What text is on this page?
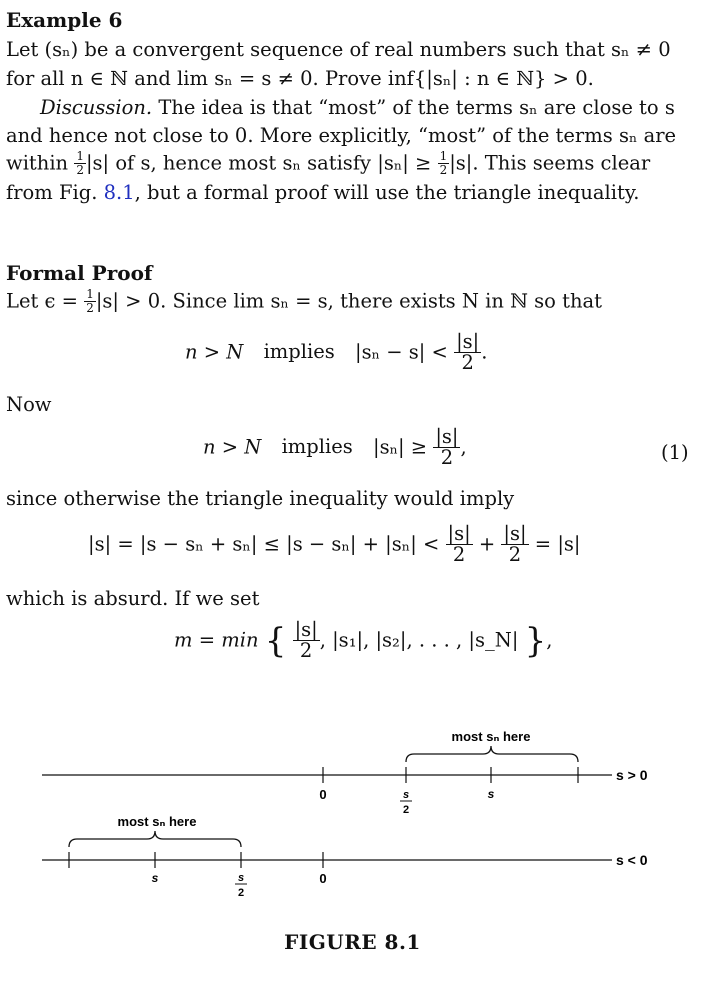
Example 6
Let (sₙ) be a convergent sequence of real numbers such that sₙ ≠ 0
for all n ∈ ℕ and lim sₙ = s ≠ 0. Prove inf{|sₙ| : n ∈ ℕ} > 0.
Discussion. The idea is that “most” of the terms sₙ are close to s
and hence not close to 0. More explicitly, “most” of the terms sₙ are
within $\frac{1}{2} |s|$ of s, hence most sₙ satisfy $|s_n| \ge \frac{1}{2} |s|$. This seems clear
from Fig. 8.1, but a formal proof will use the triangle inequality.
Formal Proof
Let $\epsilon = \frac{1}{2} |s| > 0$. Since lim sₙ = s, there exists N in ℕ so that
n > N implies $|s_n - s| < \frac{|s|}{2}$ .
Now
n > N implies $|s_n| \ge \frac{|s|}{2}$ ,	(1)
since otherwise the triangle inequality would imply
$|s| = |s - s_n + s_n| \le |s - s_n| + |s_n| < \frac{|s|}{2} + \frac{|s|}{2} = |s|$
which is absurd. If we set
m = min { $\frac{|s|}{2}$ , |s₁|, |s₂|, . . . , |s_N| },
most sₙ here
0	s
2
s
s > 0
most sₙ here
s	s
2
0
s < 0
FIGURE 8.1
